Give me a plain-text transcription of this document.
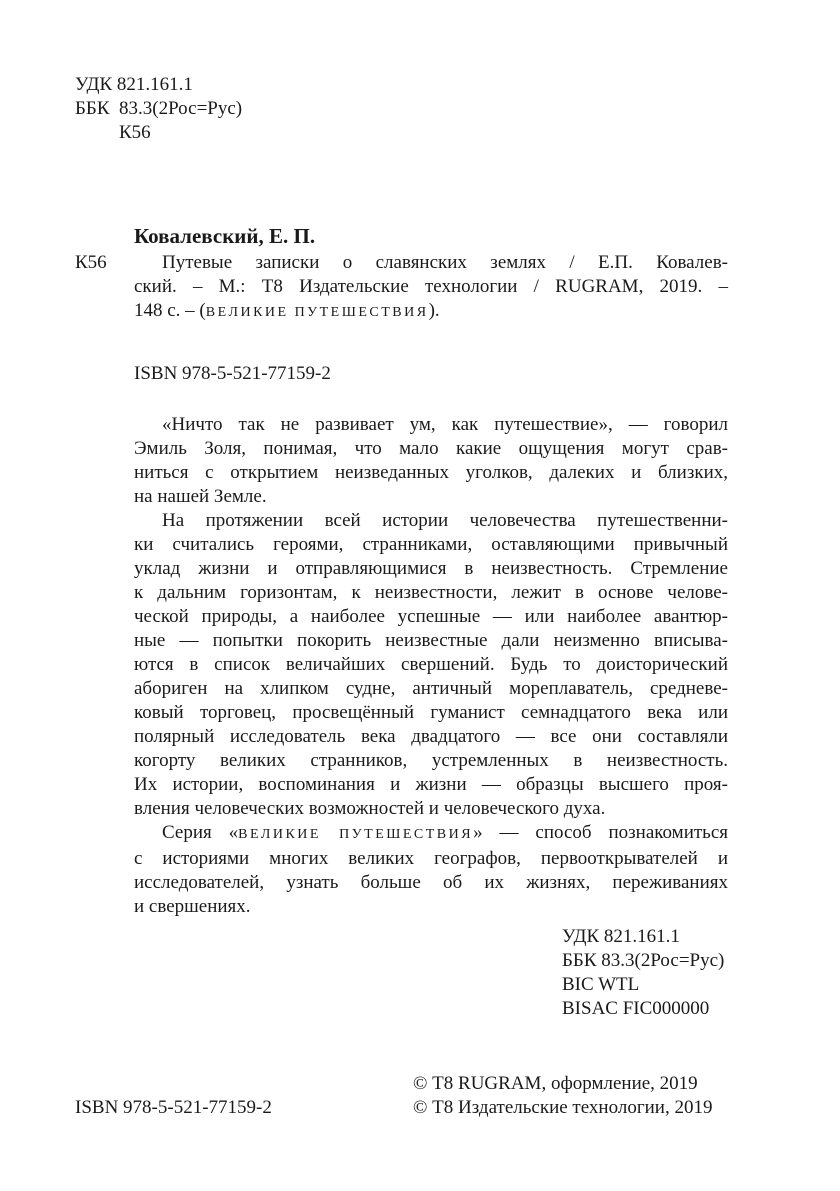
УДК 821.161.1
ББК  83.3(2Рос=Рус)
К56
Ковалевский, Е. П.
К56	Путевые записки о славянских землях / Е.П. Ковалев-

ский. – М.: Т8 Издательские технологии / RUGRAM, 2019. –

148 с. – (ВЕЛИКИЕ ПУТЕШЕСТВИЯ).

ISBN 978-5-521-77159-2

«Ничто так не развивает ум, как путешествие», — говорил

Эмиль Золя, понимая, что мало какие ощущения могут срав-

ниться с открытием неизведанных уголков, далеких и близких,

на нашей Земле.

На протяжении всей истории человечества путешественни-

ки считались героями, странниками, оставляющими привычный

уклад жизни и отправляющимися в неизвестность. Стремление

к дальним горизонтам, к неизвестности, лежит в основе челове-

ческой природы, а наиболее успешные — или наиболее авантюр-

ные — попытки покорить неизвестные дали неизменно вписыва-

ются в список величайших свершений. Будь то доисторический

абориген на хлипком судне, античный мореплаватель, средневе-

ковый торговец, просвещённый гуманист семнадцатого века или

полярный исследователь века двадцатого — все они составляли

когорту великих странников, устремленных в неизвестность.

Их истории, воспоминания и жизни — образцы высшего проя-

вления человеческих возможностей и человеческого духа.

Серия «ВЕЛИКИЕ ПУТЕШЕСТВИЯ» — способ познакомиться

с историями многих великих географов, первооткрывателей и

исследователей, узнать больше об их жизнях, переживаниях

и свершениях.

УДК 821.161.1
ББК 83.3(2Рос=Рус)
BIC WTL
BISAC FIC000000
ISBN 978-5-521-77159-2
© Т8 RUGRAM, оформление, 2019
© Т8 Издательские технологии, 2019
